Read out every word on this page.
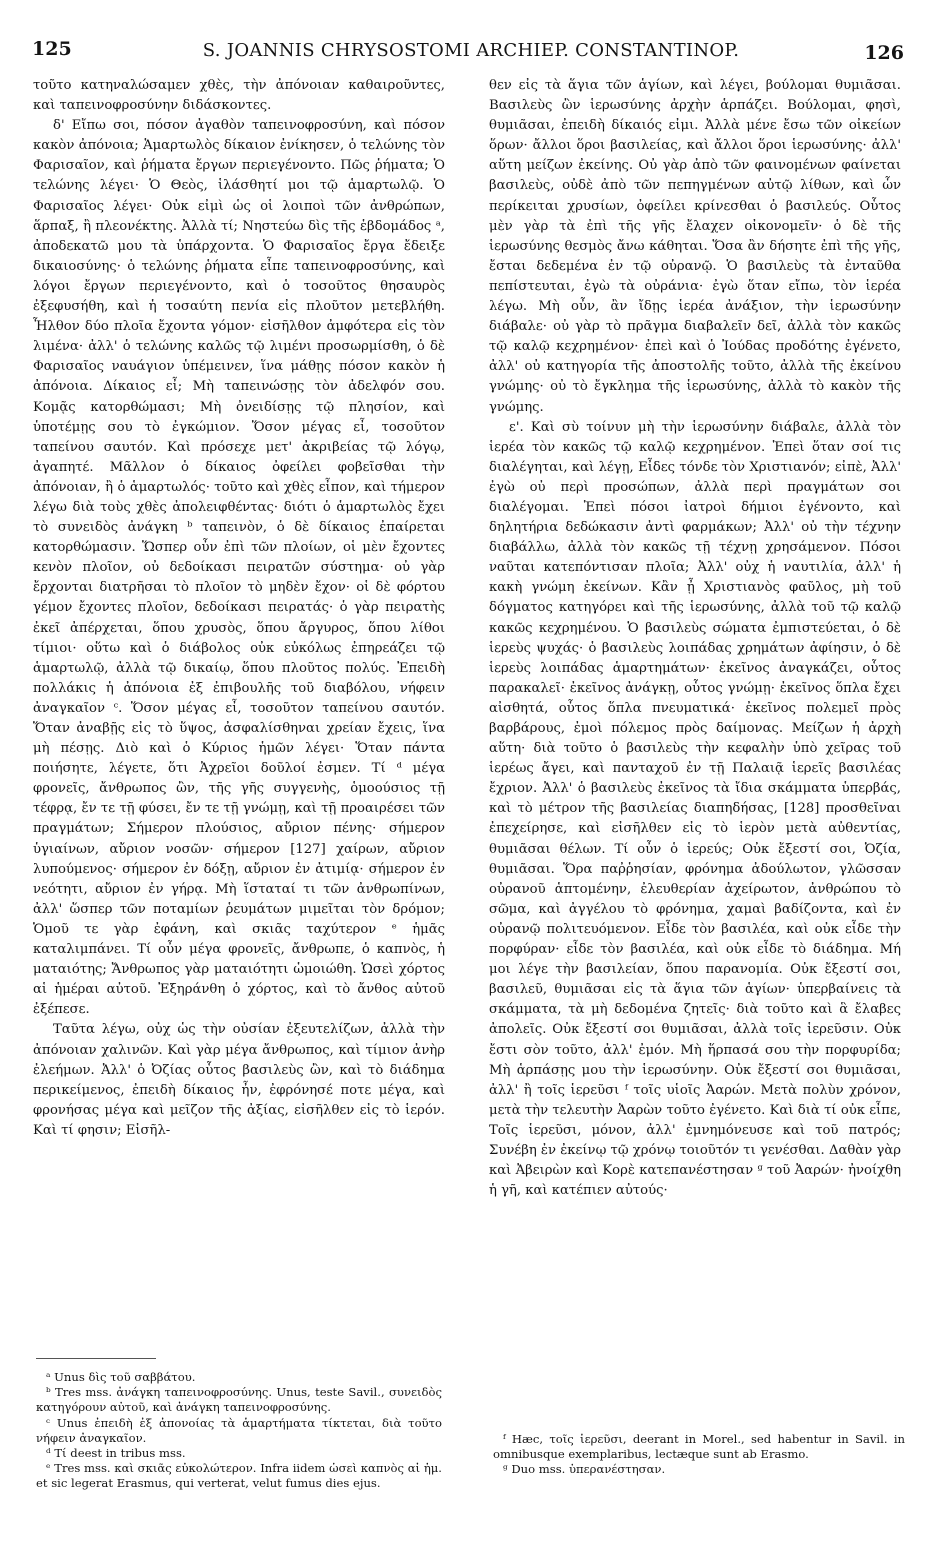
125	S. JOANNIS CHRYSOSTOMI ARCHIEP. CONSTANTINOP.	126

τοῦτο κατηναλώσαμεν χθὲς, τὴν ἀπόνοιαν καθαιροῦντες, καὶ ταπεινοφροσύνην διδάσκοντες.

δ' Εἴπω σοι, πόσον ἀγαθὸν ταπεινοφροσύνη, καὶ πόσον κακὸν ἀπόνοια; Ἁμαρτωλὸς δίκαιον ἐνίκησεν, ὁ τελώνης τὸν Φαρισαῖον, καὶ ῥήματα ἔργων περιεγένοντο. Πῶς ῥήματα; Ὁ τελώνης λέγει· Ὁ Θεὸς, ἱλάσθητί μοι τῷ ἁμαρτωλῷ. Ὁ Φαρισαῖος λέγει· Οὐκ εἰμὶ ὡς οἱ λοιποὶ τῶν ἀνθρώπων, ἅρπαξ, ἢ πλεονέκτης. Ἀλλὰ τί; Νηστεύω δὶς τῆς ἑβδομάδος ᵃ, ἀποδεκατῶ μου τὰ ὑπάρχοντα. Ὁ Φαρισαῖος ἔργα ἔδειξε δικαιοσύνης· ὁ τελώνης ῥήματα εἶπε ταπεινοφροσύνης, καὶ λόγοι ἔργων περιεγένοντο, καὶ ὁ τοσοῦτος θησαυρὸς ἐξεφυσήθη, καὶ ἡ τοσαύτη πενία εἰς πλοῦτον μετεβλήθη. Ἦλθον δύο πλοῖα ἔχοντα γόμον· εἰσῆλθον ἀμφότερα εἰς τὸν λιμένα· ἀλλ' ὁ τελώνης καλῶς τῷ λιμένι προσωρμίσθη, ὁ δὲ Φαρισαῖος ναυάγιον ὑπέμεινεν, ἵνα μάθῃς πόσον κακὸν ἡ ἀπόνοια. Δίκαιος εἶ; Μὴ ταπεινώσῃς τὸν ἀδελφόν σου. Κομᾷς κατορθώμασι; Μὴ ὀνειδίσῃς τῷ πλησίον, καὶ ὑποτέμῃς σου τὸ ἐγκώμιον. Ὅσον μέγας εἶ, τοσοῦτον ταπείνου σαυτόν. Καὶ πρόσεχε μετ' ἀκριβείας τῷ λόγῳ, ἀγαπητέ. Μᾶλλον ὁ δίκαιος ὀφείλει φοβεῖσθαι τὴν ἀπόνοιαν, ἢ ὁ ἁμαρτωλός· τοῦτο καὶ χθὲς εἶπον, καὶ τήμερον λέγω διὰ τοὺς χθὲς ἀπολειφθέντας· διότι ὁ ἁμαρτωλὸς ἔχει τὸ συνειδὸς ἀνάγκη ᵇ ταπεινὸν, ὁ δὲ δίκαιος ἐπαίρεται κατορθώμασιν. Ὥσπερ οὖν ἐπὶ τῶν πλοίων, οἱ μὲν ἔχοντες κενὸν πλοῖον, οὐ δεδοίκασι πειρατῶν σύστημα· οὐ γὰρ ἔρχονται διατρῆσαι τὸ πλοῖον τὸ μηδὲν ἔχον· οἱ δὲ φόρτου γέμον ἔχοντες πλοῖον, δεδοίκασι πειρατάς· ὁ γὰρ πειρατὴς ἐκεῖ ἀπέρχεται, ὅπου χρυσὸς, ὅπου ἄργυρος, ὅπου λίθοι τίμιοι· οὕτω καὶ ὁ διάβολος οὐκ εὐκόλως ἐπηρεάζει τῷ ἁμαρτωλῷ, ἀλλὰ τῷ δικαίῳ, ὅπου πλοῦτος πολύς. Ἐπειδὴ πολλάκις ἡ ἀπόνοια ἐξ ἐπιβουλῆς τοῦ διαβόλου, νήφειν ἀναγκαῖον ᶜ. Ὅσον μέγας εἶ, τοσοῦτον ταπείνου σαυτόν. Ὅταν ἀναβῇς εἰς τὸ ὕψος, ἀσφαλίσθηναι χρείαν ἔχεις, ἵνα μὴ πέσῃς. Διὸ καὶ ὁ Κύριος ἡμῶν λέγει· Ὅταν πάντα ποιήσητε, λέγετε, ὅτι Ἀχρεῖοι δοῦλοί ἐσμεν. Τί ᵈ μέγα φρονεῖς, ἄνθρωπος ὢν, τῆς γῆς συγγενὴς, ὁμοούσιος τῇ τέφρᾳ, ἔν τε τῇ φύσει, ἔν τε τῇ γνώμῃ, καὶ τῇ προαιρέσει τῶν πραγμάτων; Σήμερον πλούσιος, αὔριον πένης· σήμερον ὑγιαίνων, αὔριον νοσῶν· σήμερον [127] χαίρων, αὔριον λυπούμενος· σήμερον ἐν δόξῃ, αὔριον ἐν ἀτιμίᾳ· σήμερον ἐν νεότητι, αὔριον ἐν γήρᾳ. Μὴ ἵσταταί τι τῶν ἀνθρωπίνων, ἀλλ' ὥσπερ τῶν ποταμίων ῥευμάτων μιμεῖται τὸν δρόμον; Ὁμοῦ τε γὰρ ἐφάνη, καὶ σκιᾶς ταχύτερον ᵉ ἡμᾶς καταλιμπάνει. Τί οὖν μέγα φρονεῖς, ἄνθρωπε, ὁ καπνὸς, ἡ ματαιότης; Ἄνθρωπος γὰρ ματαιότητι ὡμοιώθη. Ὡσεὶ χόρτος αἱ ἡμέραι αὐτοῦ. Ἐξηράνθη ὁ χόρτος, καὶ τὸ ἄνθος αὐτοῦ ἐξέπεσε.

Ταῦτα λέγω, οὐχ ὡς τὴν οὐσίαν ἐξευτελίζων, ἀλλὰ τὴν ἀπόνοιαν χαλινῶν. Καὶ γὰρ μέγα ἄνθρωπος, καὶ τίμιον ἀνὴρ ἐλεήμων. Ἀλλ' ὁ Ὀζίας οὗτος βασιλεὺς ὢν, καὶ τὸ διάδημα περικείμενος, ἐπειδὴ δίκαιος ἦν, ἐφρόνησέ ποτε μέγα, καὶ φρονήσας μέγα καὶ μεῖζον τῆς ἀξίας, εἰσῆλθεν εἰς τὸ ἱερόν. Καὶ τί φησιν; Εἰσῆλ-

θεν εἰς τὰ ἅγια τῶν ἁγίων, καὶ λέγει, βούλομαι θυμιᾶσαι. Βασιλεὺς ὢν ἱερωσύνης ἀρχὴν ἁρπάζει. Βούλομαι, φησὶ, θυμιᾶσαι, ἐπειδὴ δίκαιός εἰμι. Ἀλλὰ μένε ἔσω τῶν οἰκείων ὅρων· ἄλλοι ὅροι βασιλείας, καὶ ἄλλοι ὅροι ἱερωσύνης· ἀλλ' αὕτη μείζων ἐκείνης. Οὐ γὰρ ἀπὸ τῶν φαινομένων φαίνεται βασιλεὺς, οὐδὲ ἀπὸ τῶν πεπηγμένων αὐτῷ λίθων, καὶ ὧν περίκειται χρυσίων, ὀφείλει κρίνεσθαι ὁ βασιλεύς. Οὗτος μὲν γὰρ τὰ ἐπὶ τῆς γῆς ἔλαχεν οἰκονομεῖν· ὁ δὲ τῆς ἱερωσύνης θεσμὸς ἄνω κάθηται. Ὅσα ἂν δήσητε ἐπὶ τῆς γῆς, ἔσται δεδεμένα ἐν τῷ οὐρανῷ. Ὁ βασιλεὺς τὰ ἐνταῦθα πεπίστευται, ἐγὼ τὰ οὐράνια· ἐγὼ ὅταν εἴπω, τὸν ἱερέα λέγω. Μὴ οὖν, ἂν ἴδῃς ἱερέα ἀνάξιον, τὴν ἱερωσύνην διάβαλε· οὐ γὰρ τὸ πρᾶγμα διαβαλεῖν δεῖ, ἀλλὰ τὸν κακῶς τῷ καλῷ κεχρημένον· ἐπεὶ καὶ ὁ Ἰούδας προδότης ἐγένετο, ἀλλ' οὐ κατηγορία τῆς ἀποστολῆς τοῦτο, ἀλλὰ τῆς ἐκείνου γνώμης· οὐ τὸ ἔγκλημα τῆς ἱερωσύνης, ἀλλὰ τὸ κακὸν τῆς γνώμης.

ε'. Καὶ σὺ τοίνυν μὴ τὴν ἱερωσύνην διάβαλε, ἀλλὰ τὸν ἱερέα τὸν κακῶς τῷ καλῷ κεχρημένον. Ἐπεὶ ὅταν σοί τις διαλέγηται, καὶ λέγῃ, Εἶδες τόνδε τὸν Χριστιανόν; εἰπὲ, Ἀλλ' ἐγὼ οὐ περὶ προσώπων, ἀλλὰ περὶ πραγμάτων σοι διαλέγομαι. Ἐπεὶ πόσοι ἰατροὶ δήμιοι ἐγένοντο, καὶ δηλητήρια δεδώκασιν ἀντὶ φαρμάκων; Ἀλλ' οὐ τὴν τέχνην διαβάλλω, ἀλλὰ τὸν κακῶς τῇ τέχνῃ χρησάμενον. Πόσοι ναῦται κατεπόντισαν πλοῖα; Ἀλλ' οὐχ ἡ ναυτιλία, ἀλλ' ἡ κακὴ γνώμη ἐκείνων. Κἂν ᾖ Χριστιανὸς φαῦλος, μὴ τοῦ δόγματος κατηγόρει καὶ τῆς ἱερωσύνης, ἀλλὰ τοῦ τῷ καλῷ κακῶς κεχρημένου. Ὁ βασιλεὺς σώματα ἐμπιστεύεται, ὁ δὲ ἱερεὺς ψυχάς· ὁ βασιλεὺς λοιπάδας χρημάτων ἀφίησιν, ὁ δὲ ἱερεὺς λοιπάδας ἁμαρτημάτων· ἐκεῖνος ἀναγκάζει, οὗτος παρακαλεῖ· ἐκεῖνος ἀνάγκῃ, οὗτος γνώμῃ· ἐκεῖνος ὅπλα ἔχει αἰσθητά, οὗτος ὅπλα πνευματικά· ἐκεῖνος πολεμεῖ πρὸς βαρβάρους, ἐμοὶ πόλεμος πρὸς δαίμονας. Μείζων ἡ ἀρχὴ αὕτη· διὰ τοῦτο ὁ βασιλεὺς τὴν κεφαλὴν ὑπὸ χεῖρας τοῦ ἱερέως ἄγει, καὶ πανταχοῦ ἐν τῇ Παλαιᾷ ἱερεῖς βασιλέας ἔχριον. Ἀλλ' ὁ βασιλεὺς ἐκεῖνος τὰ ἴδια σκάμματα ὑπερβάς, καὶ τὸ μέτρον τῆς βασιλείας διαπηδήσας, [128] προσθεῖναι ἐπεχείρησε, καὶ εἰσῆλθεν εἰς τὸ ἱερὸν μετὰ αὐθεντίας, θυμιᾶσαι θέλων. Τί οὖν ὁ ἱερεύς; Οὐκ ἔξεστί σοι, Ὀζία, θυμιᾶσαι. Ὅρα παῤῥησίαν, φρόνημα ἀδούλωτον, γλῶσσαν οὐρανοῦ ἁπτομένην, ἐλευθερίαν ἀχείρωτον, ἀνθρώπου τὸ σῶμα, καὶ ἀγγέλου τὸ φρόνημα, χαμαὶ βαδίζοντα, καὶ ἐν οὐρανῷ πολιτευόμενον. Εἶδε τὸν βασιλέα, καὶ οὐκ εἶδε τὴν πορφύραν· εἶδε τὸν βασιλέα, καὶ οὐκ εἶδε τὸ διάδημα. Μή μοι λέγε τὴν βασιλείαν, ὅπου παρανομία. Οὐκ ἔξεστί σοι, βασιλεῦ, θυμιᾶσαι εἰς τὰ ἅγια τῶν ἁγίων· ὑπερβαίνεις τὰ σκάμματα, τὰ μὴ δεδομένα ζητεῖς· διὰ τοῦτο καὶ ἃ ἔλαβες ἀπολεῖς. Οὐκ ἔξεστί σοι θυμιᾶσαι, ἀλλὰ τοῖς ἱερεῦσιν. Οὐκ ἔστι σὸν τοῦτο, ἀλλ' ἐμόν. Μὴ ἥρπασά σου τὴν πορφυρίδα; Μὴ ἁρπάσῃς μου τὴν ἱερωσύνην. Οὐκ ἔξεστί σοι θυμιᾶσαι, ἀλλ' ἢ τοῖς ἱερεῦσι ᶠ τοῖς υἱοῖς Ἀαρών. Μετὰ πολὺν χρόνον, μετὰ τὴν τελευτὴν Ἀαρὼν τοῦτο ἐγένετο. Καὶ διὰ τί οὐκ εἶπε, Τοῖς ἱερεῦσι, μόνον, ἀλλ' ἐμνημόνευσε καὶ τοῦ πατρός; Συνέβη ἐν ἐκείνῳ τῷ χρόνῳ τοιοῦτόν τι γενέσθαι. Δαθὰν γὰρ καὶ Ἀβειρὼν καὶ Κορὲ κατεπανέστησαν ᵍ τοῦ Ἀαρών· ἠνοίχθη ἡ γῆ, καὶ κατέπιεν αὐτούς·

ᵃ Unus δὶς τοῦ σαββάτου.

ᵇ Tres mss. ἀνάγκη ταπεινοφροσύνης. Unus, teste Savil., συνειδὸς κατηγόρουν αὐτοῦ, καὶ ἀνάγκη ταπεινοφροσύνης.

ᶜ Unus ἐπειδὴ ἐξ ἀπονοίας τὰ ἁμαρτήματα τίκτεται, διὰ τοῦτο νήφειν ἀναγκαῖον.

ᵈ Τί deest in tribus mss.

ᵉ Tres mss. καὶ σκιᾶς εὐκολώτερον. Infra iidem ὡσεὶ καπνὸς αἱ ἡμ. et sic legerat Erasmus, qui verterat, velut fumus dies ejus.

ᶠ Hæc, τοῖς ἱερεῦσι, deerant in Morel., sed habentur in Savil. in omnibusque exemplaribus, lectæque sunt ab Erasmo.

ᵍ Duo mss. ὑπερανέστησαν.
